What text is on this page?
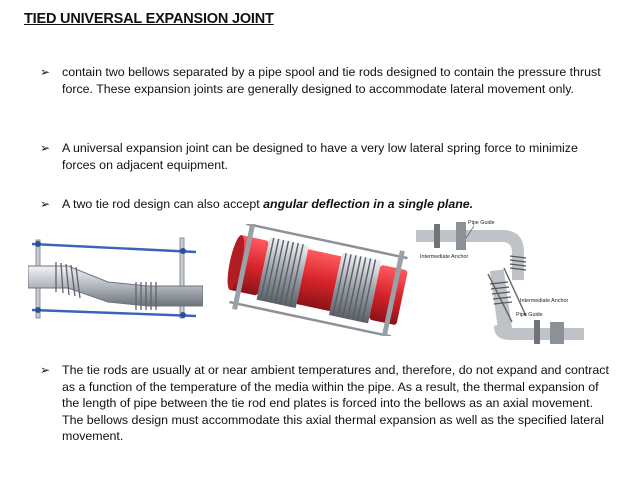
TIED UNIVERSAL EXPANSION JOINT
➢ contain two bellows separated by a pipe spool and tie rods designed to contain the pressure thrust force. These expansion joints are generally designed to accommodate lateral movement only.
➢ A universal expansion joint can be designed to have a very low lateral spring force to minimize forces on adjacent equipment.
➢ A two tie rod design can also accept angular deflection in a single plane.
Pipe Guide
Intermediate Anchor
Intermediate Anchor
Pipe Guide
➢ The tie rods are usually at or near ambient temperatures and, therefore, do not expand and contract as a function of the temperature of the media within the pipe. As a result, the thermal expansion of the length of pipe between the tie rod end plates is forced into the bellows as an axial movement. The bellows design must accommodate this axial thermal expansion as well as the specified lateral movement.
